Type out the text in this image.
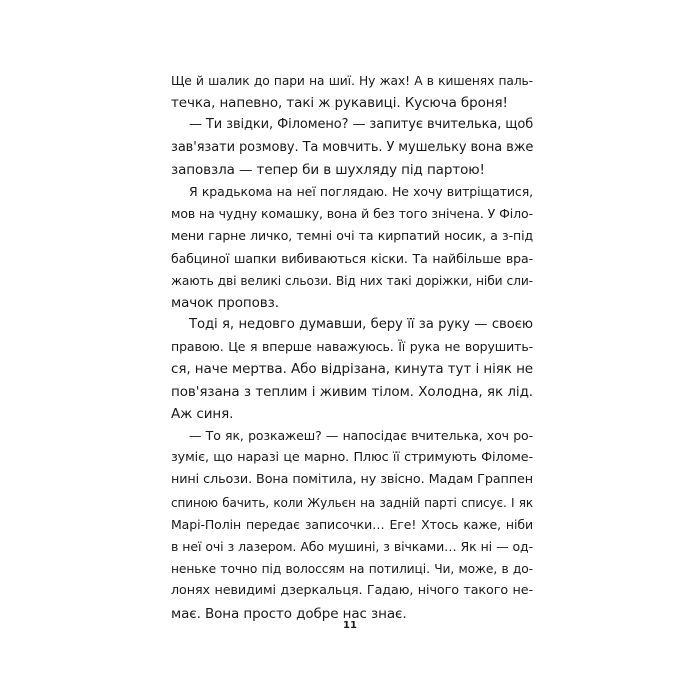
Ще й шалик до пари на шиї. Ну жах! А в кишенях паль-
течка, напевно, такі ж рукавиці. Кусюча броня!
— Ти звідки, Філомено? — запитує вчителька, щоб
зав'язати розмову. Та мовчить. У мушельку вона вже
заповзла — тепер би в шухляду під партою!
Я крадькома на неї поглядаю. Не хочу витріщатися,
мов на чудну комашку, вона й без того знічена. У Філо-
мени гарне личко, темні очі та кирпатий носик, а з-під
бабциної шапки вибиваються кіски. Та найбільше вра-
жають дві великі сльози. Від них такі доріжки, ніби сли-
мачок проповз.
Тоді я, недовго думавши, беру її за руку — своєю
правою. Це я вперше наважуюсь. Її рука не ворушить-
ся, наче мертва. Або відрізана, кинута тут і ніяк не
пов'язана з теплим і живим тілом. Холодна, як лід.
Аж синя.
— То як, розкажеш? — напосідає вчителька, хоч ро-
зуміє, що наразі це марно. Плюс її стримують Філоме-
нині сльози. Вона помітила, ну звісно. Мадам Граппен
спиною бачить, коли Жульєн на задній парті списує. І як
Марі-Полін передає записочки… Еге! Хтось каже, ніби
в неї очі з лазером. Або мушині, з вічками… Як ні — од-
неньке точно під волоссям на потилиці. Чи, може, в до-
лонях невидимі дзеркальця. Гадаю, нічого такого не-
має. Вона просто добре нас знає.
11
